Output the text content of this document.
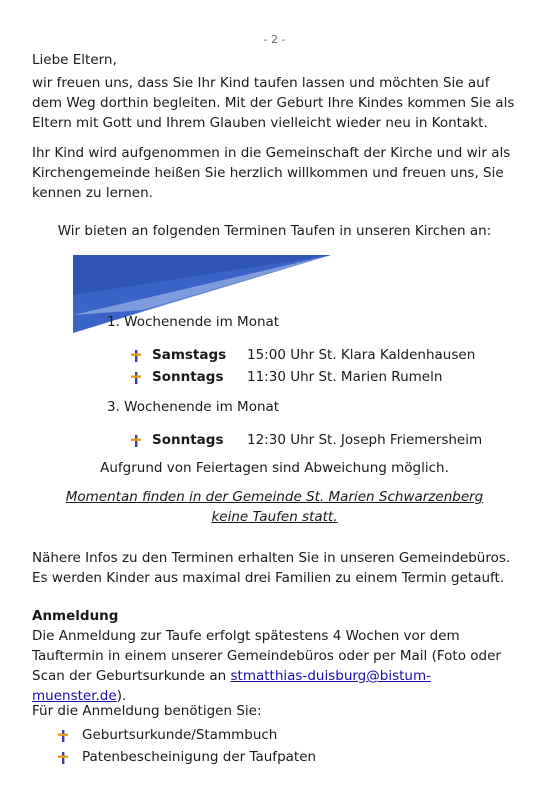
- 2 -
Liebe Eltern,
wir freuen uns, dass Sie Ihr Kind taufen lassen und möchten Sie auf dem Weg dorthin begleiten. Mit der Geburt Ihre Kindes kommen Sie als Eltern mit Gott und Ihrem Glauben vielleicht wieder neu in Kontakt.
Ihr Kind wird aufgenommen in die Gemeinschaft der Kirche und wir als Kirchengemeinde heißen Sie herzlich willkommen und freuen uns, Sie kennen zu lernen.
Wir bieten an folgenden Terminen Taufen in unseren Kirchen an:
1. Wochenende im Monat
Samstags 15:00 Uhr St. Klara Kaldenhausen
Sonntags 11:30 Uhr St. Marien Rumeln
3. Wochenende im Monat
Sonntags 12:30 Uhr St. Joseph Friemersheim
Aufgrund von Feiertagen sind Abweichung möglich.
Momentan finden in der Gemeinde St. Marien Schwarzenberg
keine Taufen statt.
Nähere Infos zu den Terminen erhalten Sie in unseren Gemeindebüros. Es werden Kinder aus maximal drei Familien zu einem Termin getauft.
Anmeldung
Die Anmeldung zur Taufe erfolgt spätestens 4 Wochen vor dem Tauftermin in einem unserer Gemeindebüros oder per Mail (Foto oder Scan der Geburtsurkunde an stmatthias-duisburg@bistum-muenster.de).
Für die Anmeldung benötigen Sie:
Geburtsurkunde/Stammbuch
Patenbescheinigung der Taufpaten
